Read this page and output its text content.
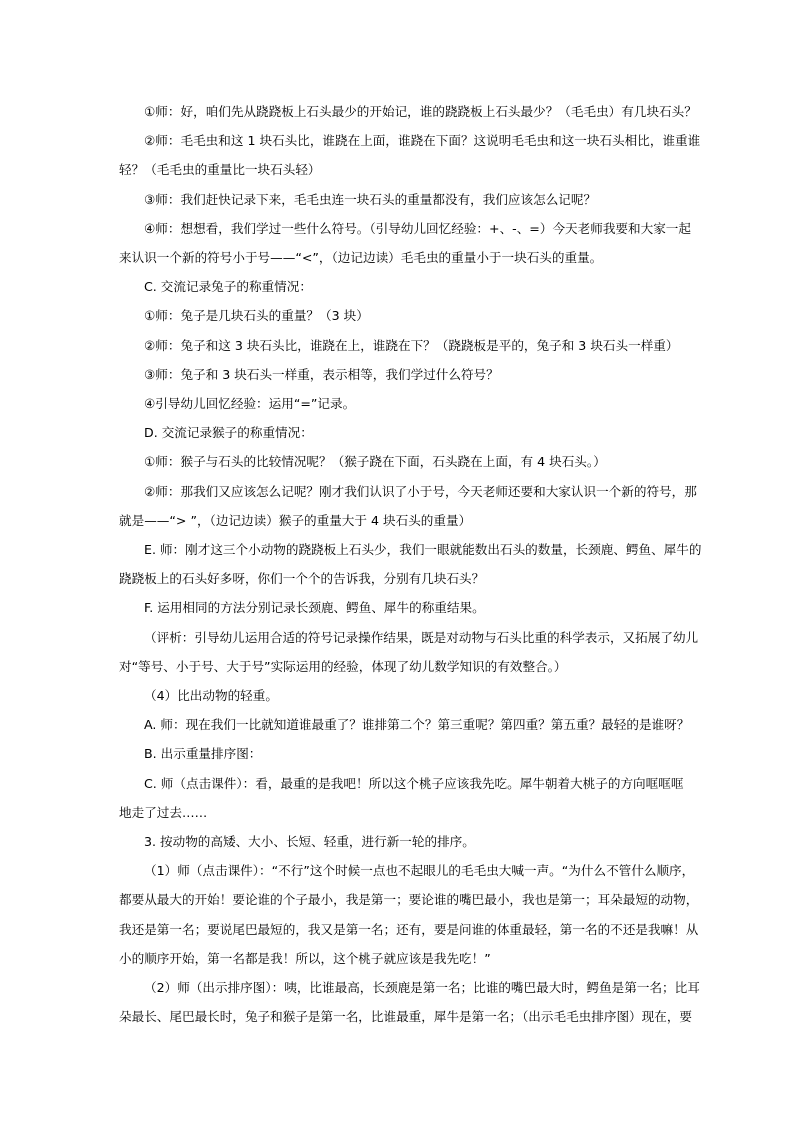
①师：好，咱们先从跷跷板上石头最少的开始记，谁的跷跷板上石头最少？（毛毛虫）有几块石头？

②师：毛毛虫和这 1 块石头比，谁跷在上面，谁跷在下面？这说明毛毛虫和这一块石头相比，谁重谁

轻？（毛毛虫的重量比一块石头轻）

③师：我们赶快记录下来，毛毛虫连一块石头的重量都没有，我们应该怎么记呢？

④师：想想看，我们学过一些什么符号。（引导幼儿回忆经验：+、-、=）今天老师我要和大家一起

来认识一个新的符号小于号——“<”，（边记边读）毛毛虫的重量小于一块石头的重量。

C. 交流记录兔子的称重情况：

①师：兔子是几块石头的重量？（3 块）

②师：兔子和这 3 块石头比，谁跷在上，谁跷在下？（跷跷板是平的，兔子和 3 块石头一样重）

③师：兔子和 3 块石头一样重，表示相等，我们学过什么符号？

④引导幼儿回忆经验：运用“=”记录。

D. 交流记录猴子的称重情况：

①师：猴子与石头的比较情况呢？（猴子跷在下面，石头跷在上面，有 4 块石头。）

②师：那我们又应该怎么记呢？刚才我们认识了小于号，今天老师还要和大家认识一个新的符号，那

就是——“> ”，（边记边读）猴子的重量大于 4 块石头的重量）

E. 师：刚才这三个小动物的跷跷板上石头少，我们一眼就能数出石头的数量，长颈鹿、鳄鱼、犀牛的

跷跷板上的石头好多呀，你们一个个的告诉我，分别有几块石头？

F. 运用相同的方法分别记录长颈鹿、鳄鱼、犀牛的称重结果。

（评析：引导幼儿运用合适的符号记录操作结果，既是对动物与石头比重的科学表示，又拓展了幼儿

对“等号、小于号、大于号”实际运用的经验，体现了幼儿数学知识的有效整合。）

（4）比出动物的轻重。

A. 师：现在我们一比就知道谁最重了？谁排第二个？第三重呢？第四重？第五重？最轻的是谁呀？

B. 出示重量排序图：

C. 师（点击课件）：看，最重的是我吧！所以这个桃子应该我先吃。犀牛朝着大桃子的方向哐哐哐

地走了过去……

3. 按动物的高矮、大小、长短、轻重，进行新一轮的排序。

（1）师（点击课件）：“不行”这个时候一点也不起眼儿的毛毛虫大喊一声。“为什么不管什么顺序，

都要从最大的开始！要论谁的个子最小，我是第一；要论谁的嘴巴最小，我也是第一；耳朵最短的动物，

我还是第一名；要说尾巴最短的，我又是第一名；还有，要是问谁的体重最轻，第一名的不还是我嘛！从

小的顺序开始，第一名都是我！所以，这个桃子就应该是我先吃！”

（2）师（出示排序图）：咦，比谁最高，长颈鹿是第一名；比谁的嘴巴最大时，鳄鱼是第一名；比耳

朵最长、尾巴最长时，兔子和猴子是第一名，比谁最重，犀牛是第一名；（出示毛毛虫排序图）现在，要
